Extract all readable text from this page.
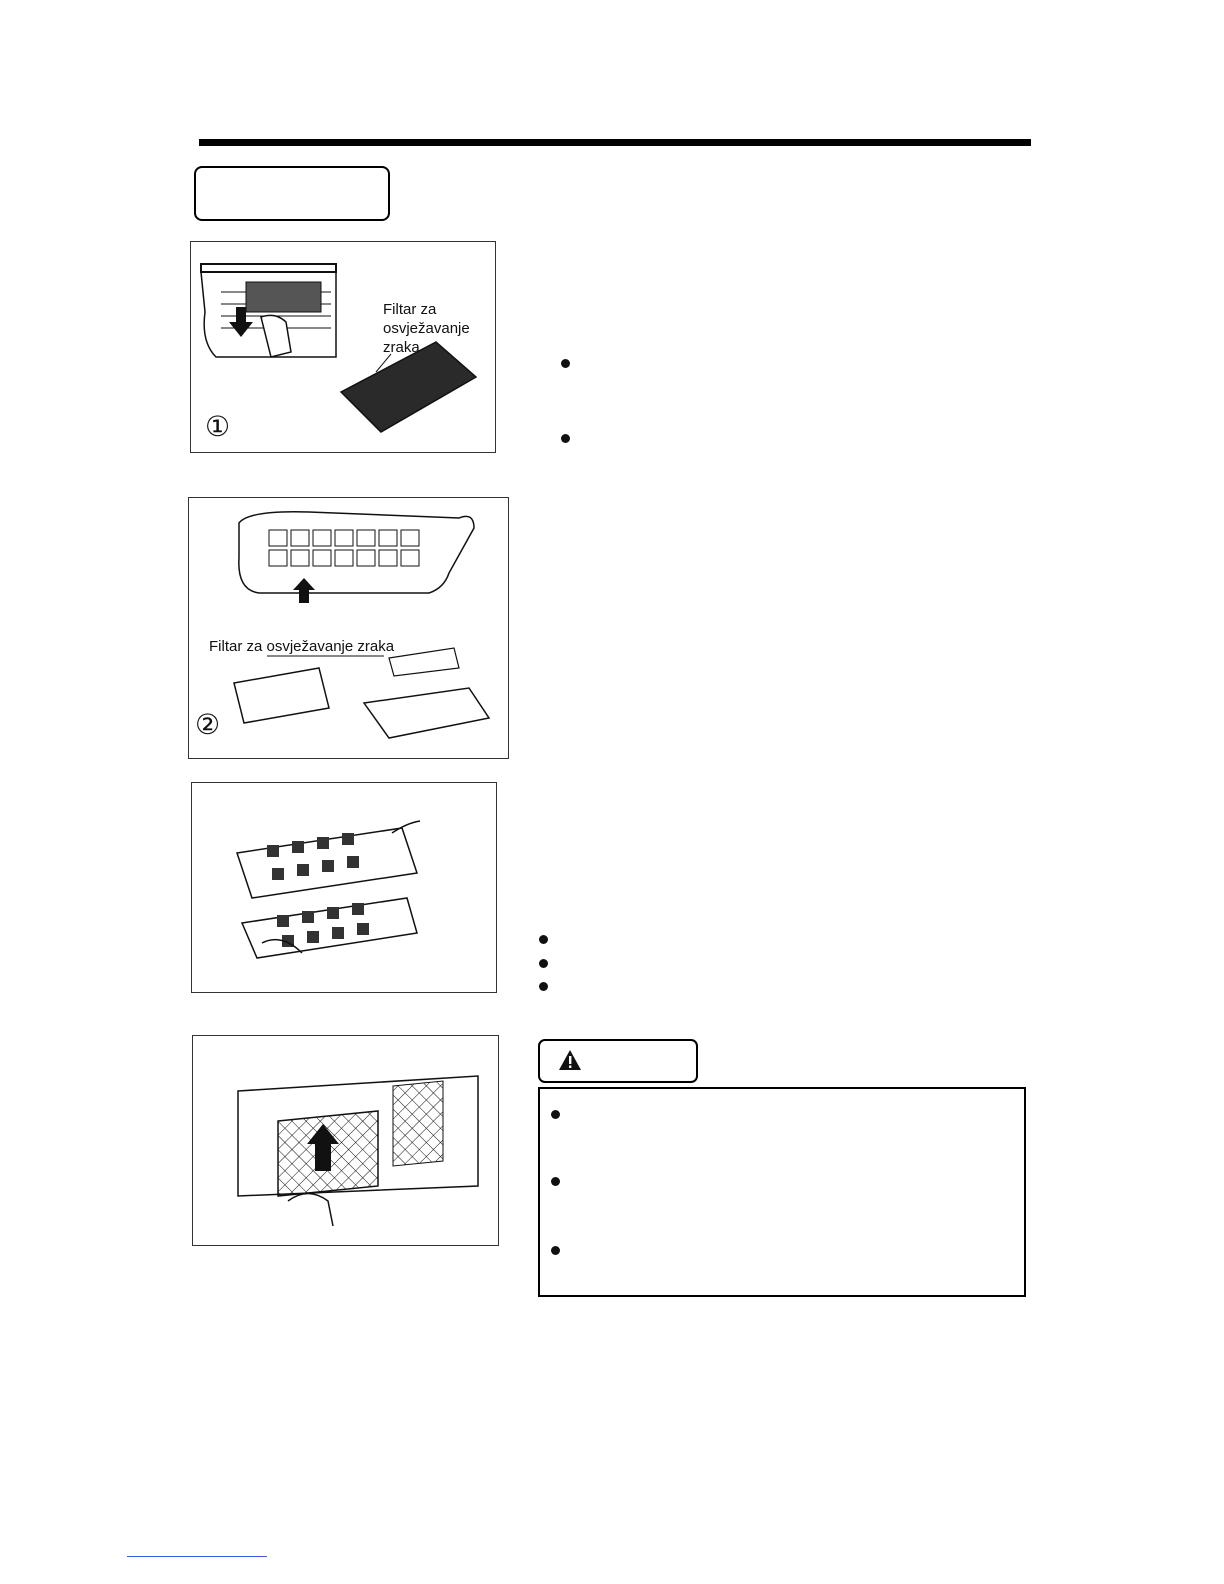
Filtar za
osvježavanje
zraka
①
Filtar za osvježavanje zraka
②
